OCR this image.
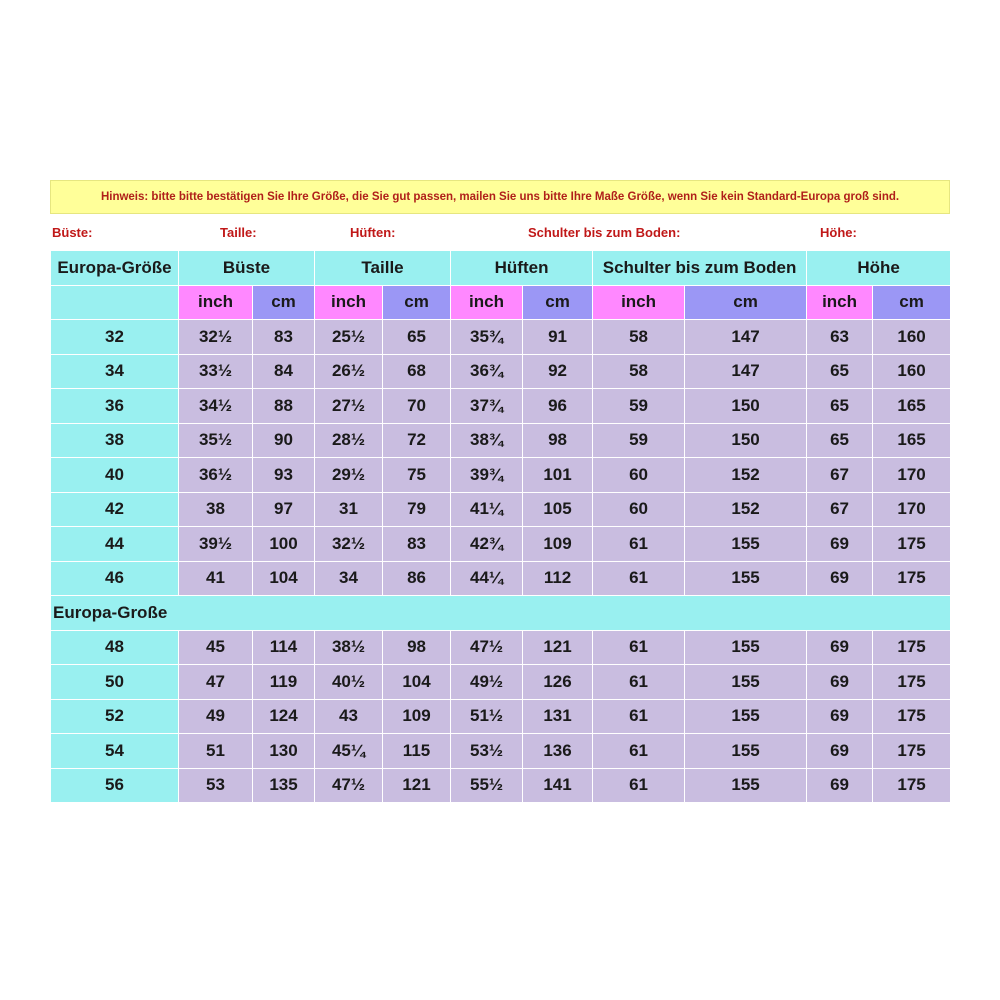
Hinweis: bitte bitte bestätigen Sie Ihre Größe, die Sie gut passen, mailen Sie uns bitte Ihre Maße Größe, wenn Sie kein Standard-Europa groß sind.
Büste:	Taille:	Hüften:	Schulter bis zum Boden:	Höhe:
Europa-Größe	Büste		Taille		Hüften		Schulter bis zum Boden		Höhe	
	inch	cm	inch	cm	inch	cm	inch	cm	inch	cm
32	32½	83	25½	65	35¾	91	58	147	63	160
34	33½	84	26½	68	36¾	92	58	147	65	160
36	34½	88	27½	70	37¾	96	59	150	65	165
38	35½	90	28½	72	38¾	98	59	150	65	165
40	36½	93	29½	75	39¾	101	60	152	67	170
42	38	97	31	79	41¼	105	60	152	67	170
44	39½	100	32½	83	42¾	109	61	155	69	175
46	41	104	34	86	44¼	112	61	155	69	175
Europa-Große										
48	45	114	38½	98	47½	121	61	155	69	175
50	47	119	40½	104	49½	126	61	155	69	175
52	49	124	43	109	51½	131	61	155	69	175
54	51	130	45¼	115	53½	136	61	155	69	175
56	53	135	47½	121	55½	141	61	155	69	175
